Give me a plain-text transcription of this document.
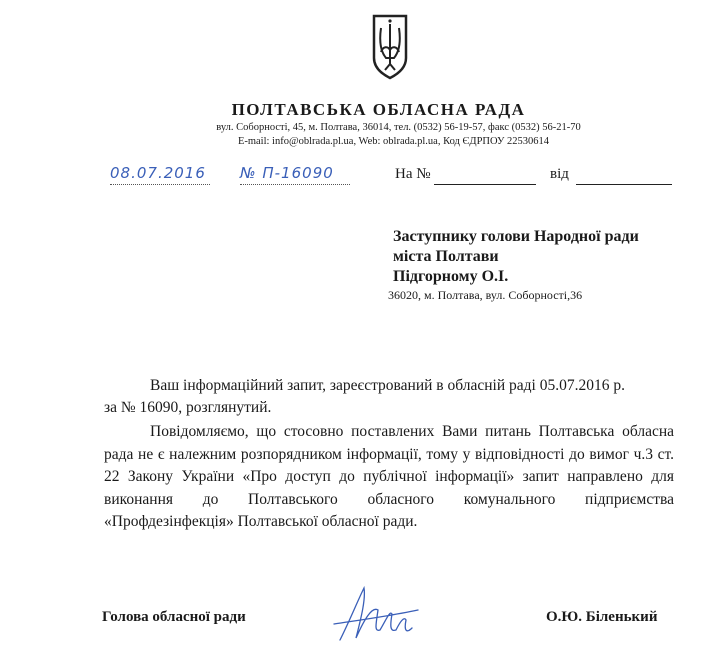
ПОЛТАВСЬКА ОБЛАСНА РАДА
вул. Соборності, 45, м. Полтава, 36014, тел. (0532) 56-19-57, факс (0532) 56-21-70
E-mail: info@oblrada.pl.ua, Web: oblrada.pl.ua, Код ЄДРПОУ 22530614
08.07.2016 № П-16090	На №	від
Заступнику голови Народної ради
міста Полтави
Підгорному О.І.
36020, м. Полтава, вул. Соборності,36
Ваш інформаційний запит, зареєстрований в обласній раді 05.07.2016 р.
за № 16090, розглянутий.
Повідомляємо, що стосовно поставлених Вами питань Полтавська обласна рада не є належним розпорядником інформації, тому у відповідності до вимог ч.3 ст. 22 Закону України «Про доступ до публічної інформації» запит направлено для виконання до Полтавського обласного комунального підприємства «Профдезінфекція» Полтавської обласної ради.
Голова обласної ради	О.Ю. Біленький
